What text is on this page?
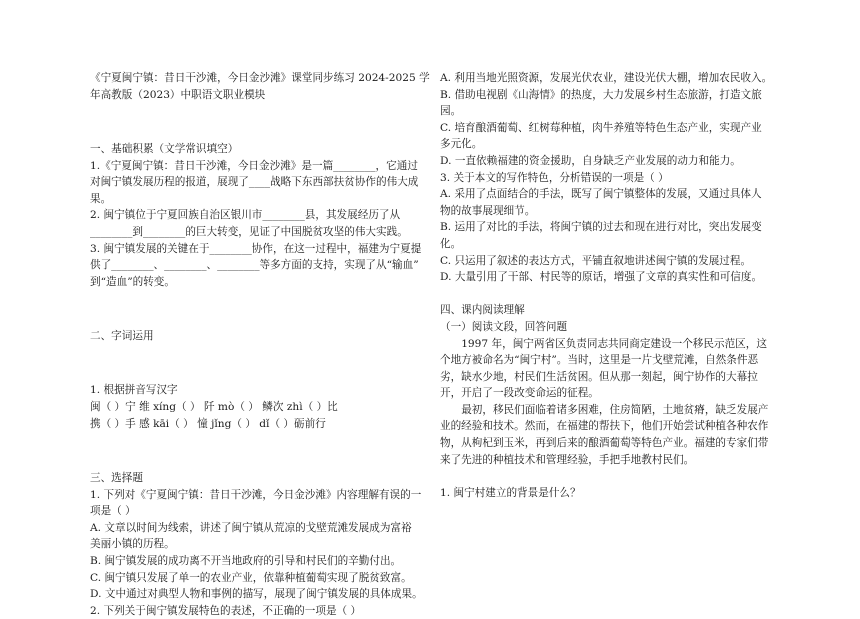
《宁夏闽宁镇：昔日干沙滩，今日金沙滩》课堂同步练习 2024-2025 学

年高教版（2023）中职语文职业模块

一、基础积累（文学常识填空）

1.《宁夏闽宁镇：昔日干沙滩，今日金沙滩》是一篇________，它通过

对闽宁镇发展历程的报道，展现了____战略下东西部扶贫协作的伟大成

果。

2. 闽宁镇位于宁夏回族自治区银川市________县，其发展经历了从

________到________的巨大转变，见证了中国脱贫攻坚的伟大实践。

3. 闽宁镇发展的关键在于________协作，在这一过程中，福建为宁夏提

供了________、________、________等多方面的支持，实现了从“输血”

到“造血”的转变。

二、字词运用

1. 根据拼音写汉字

闽（ ）宁 维 xíng（ ） 阡 mò（ ） 鳞次 zhì（ ）比

携（ ）手 感 kāi（ ） 憧 jǐng（ ） dǐ（ ）砺前行

三、选择题

1. 下列对《宁夏闽宁镇：昔日干沙滩，今日金沙滩》内容理解有误的一

项是（ ）

A. 文章以时间为线索，讲述了闽宁镇从荒凉的戈壁荒滩发展成为富裕

美丽小镇的历程。

B. 闽宁镇发展的成功离不开当地政府的引导和村民们的辛勤付出。

C. 闽宁镇只发展了单一的农业产业，依靠种植葡萄实现了脱贫致富。

D. 文中通过对典型人物和事例的描写，展现了闽宁镇发展的具体成果。

2. 下列关于闽宁镇发展特色的表述，不正确的一项是（ ）

A. 利用当地光照资源，发展光伏农业，建设光伏大棚，增加农民收入。

B. 借助电视剧《山海情》的热度，大力发展乡村生态旅游，打造文旅

园。

C. 培育酿酒葡萄、红树莓种植，肉牛养殖等特色生态产业，实现产业

多元化。

D. 一直依赖福建的资金援助，自身缺乏产业发展的动力和能力。

3. 关于本文的写作特色，分析错误的一项是（ ）

A. 采用了点面结合的手法，既写了闽宁镇整体的发展，又通过具体人

物的故事展现细节。

B. 运用了对比的手法，将闽宁镇的过去和现在进行对比，突出发展变

化。

C. 只运用了叙述的表达方式，平铺直叙地讲述闽宁镇的发展过程。

D. 大量引用了干部、村民等的原话，增强了文章的真实性和可信度。

四、课内阅读理解

（一）阅读文段，回答问题

1997 年，闽宁两省区负责同志共同商定建设一个移民示范区，这个地方被命名为“闽宁村”。当时，这里是一片戈壁荒滩，自然条件恶劣，缺水少地，村民们生活贫困。但从那一刻起，闽宁协作的大幕拉开，开启了一段改变命运的征程。

最初，移民们面临着诸多困难，住房简陋，土地贫瘠，缺乏发展产业的经验和技术。然而，在福建的帮扶下，他们开始尝试种植各种农作物，从枸杞到玉米，再到后来的酿酒葡萄等特色产业。福建的专家们带来了先进的种植技术和管理经验，手把手地教村民们。

1. 闽宁村建立的背景是什么？
